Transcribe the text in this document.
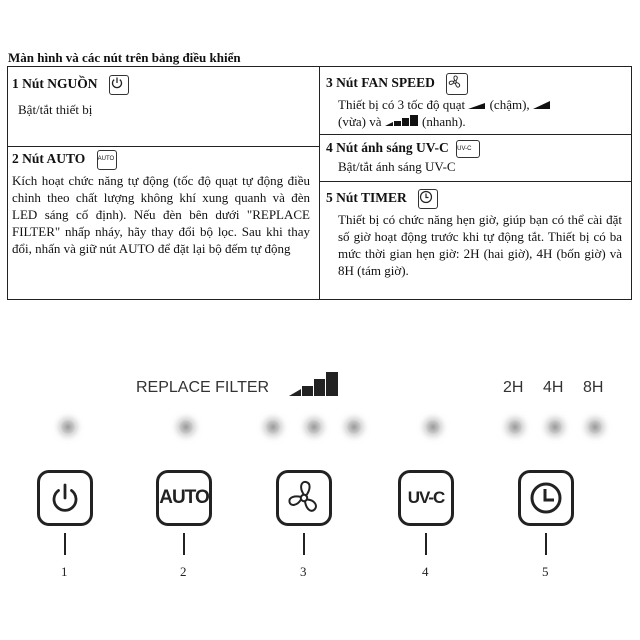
Màn hình và các nút trên bảng điều khiển
1 Nút NGUỒN
Bật/tắt thiết bị
2 Nút AUTO AUTO
Kích hoạt chức năng tự động (tốc độ quạt tự động điều chỉnh theo chất lượng không khí xung quanh và đèn LED sáng cố định). Nếu đèn bên dưới "REPLACE FILTER" nhấp nháy, hãy thay đổi bộ lọc. Sau khi thay đổi, nhấn và giữ nút AUTO để đặt lại bộ đếm tự động
3 Nút FAN SPEED
Thiết bị có 3 tốc độ quạt (chậm),
(vừa) và	(nhanh).
4 Nút ánh sáng UV-C UV-C
Bật/tắt ánh sáng UV-C
5 Nút TIMER
Thiết bị có chức năng hẹn giờ, giúp bạn có thể cài đặt số giờ hoạt động trước khi tự động tắt. Thiết bị có ba mức thời gian hẹn giờ: 2H (hai giờ), 4H (bốn giờ) và 8H (tám giờ).
REPLACE FILTER	2H 4H 8H
AUTO	UV-C
1	2	3	4	5
